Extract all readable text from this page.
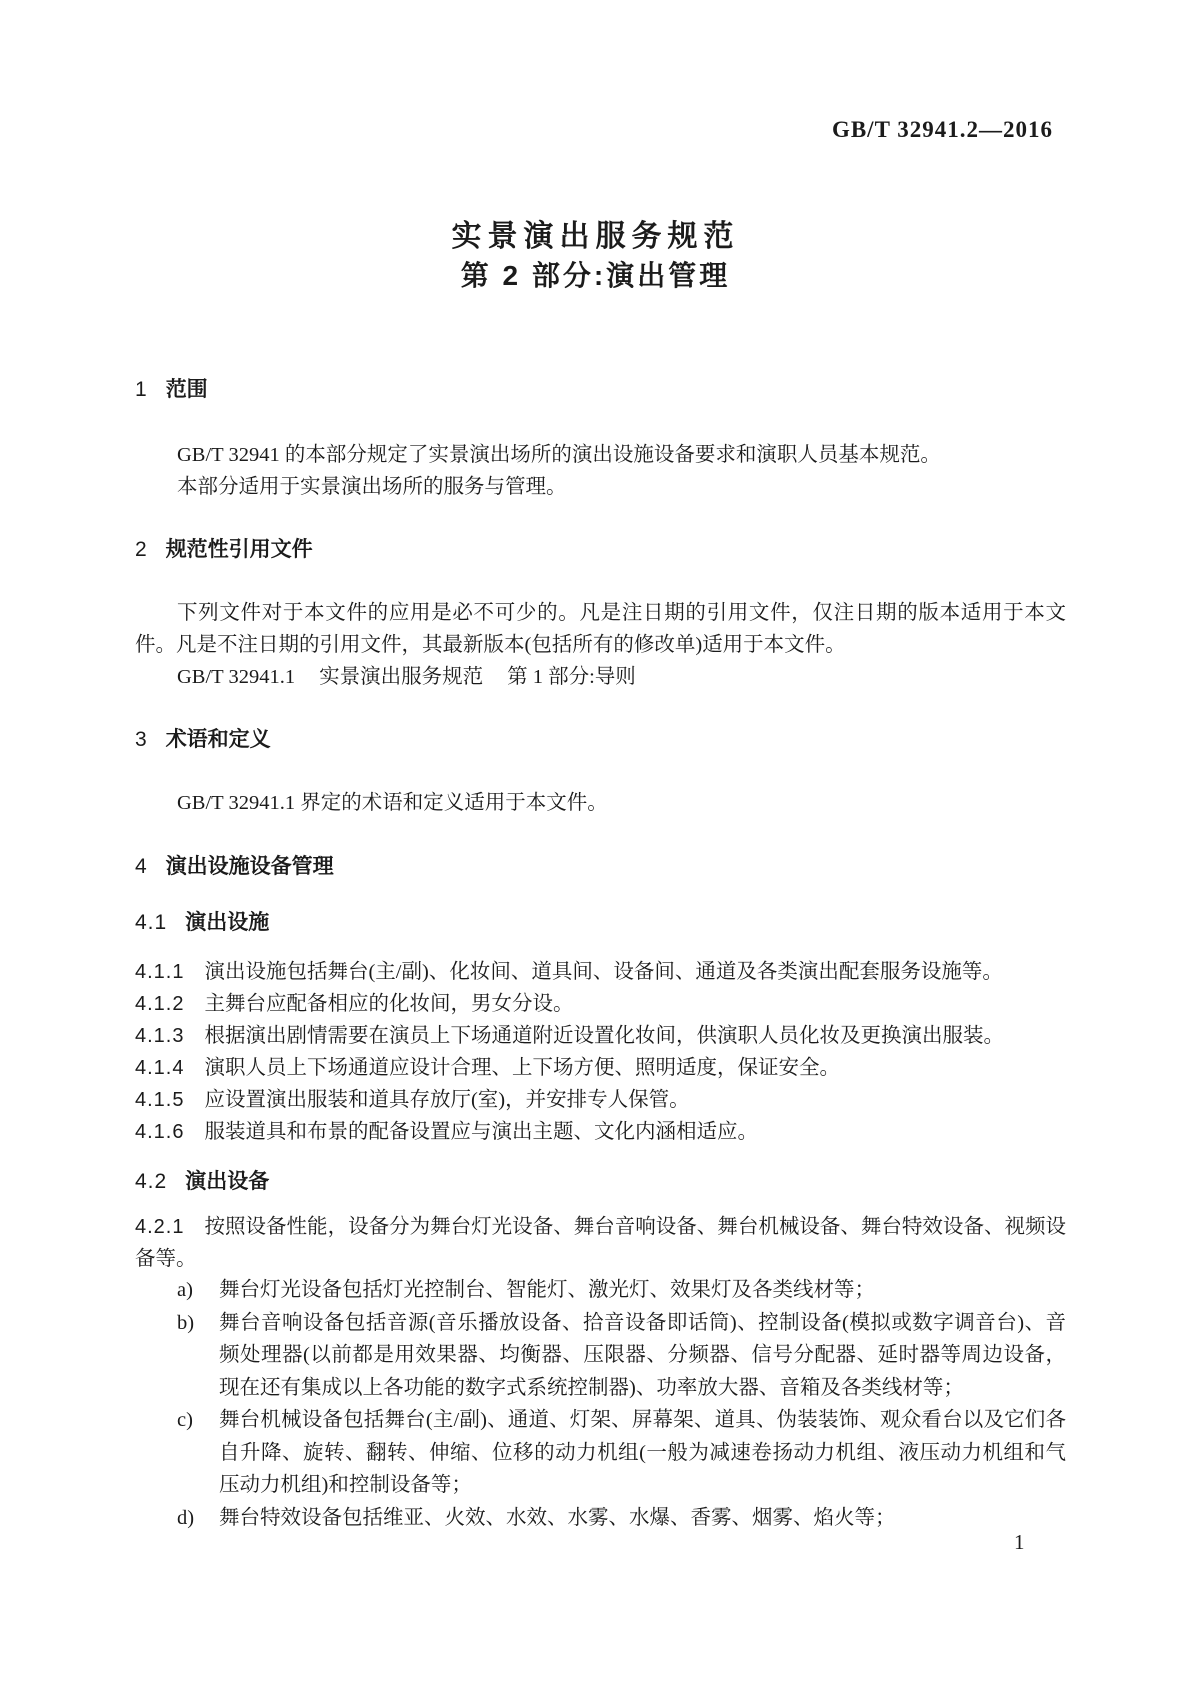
GB/T 32941.2—2016
实景演出服务规范
第 2 部分:演出管理
1 范围
GB/T 32941 的本部分规定了实景演出场所的演出设施设备要求和演职人员基本规范。
本部分适用于实景演出场所的服务与管理。
2 规范性引用文件
下列文件对于本文件的应用是必不可少的。凡是注日期的引用文件，仅注日期的版本适用于本文件。凡是不注日期的引用文件，其最新版本(包括所有的修改单)适用于本文件。
GB/T 32941.1 实景演出服务规范 第 1 部分:导则
3 术语和定义
GB/T 32941.1 界定的术语和定义适用于本文件。
4 演出设施设备管理
4.1 演出设施
4.1.1 演出设施包括舞台(主/副)、化妆间、道具间、设备间、通道及各类演出配套服务设施等。
4.1.2 主舞台应配备相应的化妆间，男女分设。
4.1.3 根据演出剧情需要在演员上下场通道附近设置化妆间，供演职人员化妆及更换演出服装。
4.1.4 演职人员上下场通道应设计合理、上下场方便、照明适度，保证安全。
4.1.5 应设置演出服装和道具存放厅(室)，并安排专人保管。
4.1.6 服装道具和布景的配备设置应与演出主题、文化内涵相适应。
4.2 演出设备
4.2.1 按照设备性能，设备分为舞台灯光设备、舞台音响设备、舞台机械设备、舞台特效设备、视频设备等。
a) 舞台灯光设备包括灯光控制台、智能灯、激光灯、效果灯及各类线材等；
b) 舞台音响设备包括音源(音乐播放设备、拾音设备即话筒)、控制设备(模拟或数字调音台)、音频处理器(以前都是用效果器、均衡器、压限器、分频器、信号分配器、延时器等周边设备，现在还有集成以上各功能的数字式系统控制器)、功率放大器、音箱及各类线材等；
c) 舞台机械设备包括舞台(主/副)、通道、灯架、屏幕架、道具、伪装装饰、观众看台以及它们各自升降、旋转、翻转、伸缩、位移的动力机组(一般为减速卷扬动力机组、液压动力机组和气压动力机组)和控制设备等；
d) 舞台特效设备包括维亚、火效、水效、水雾、水爆、香雾、烟雾、焰火等；
1
